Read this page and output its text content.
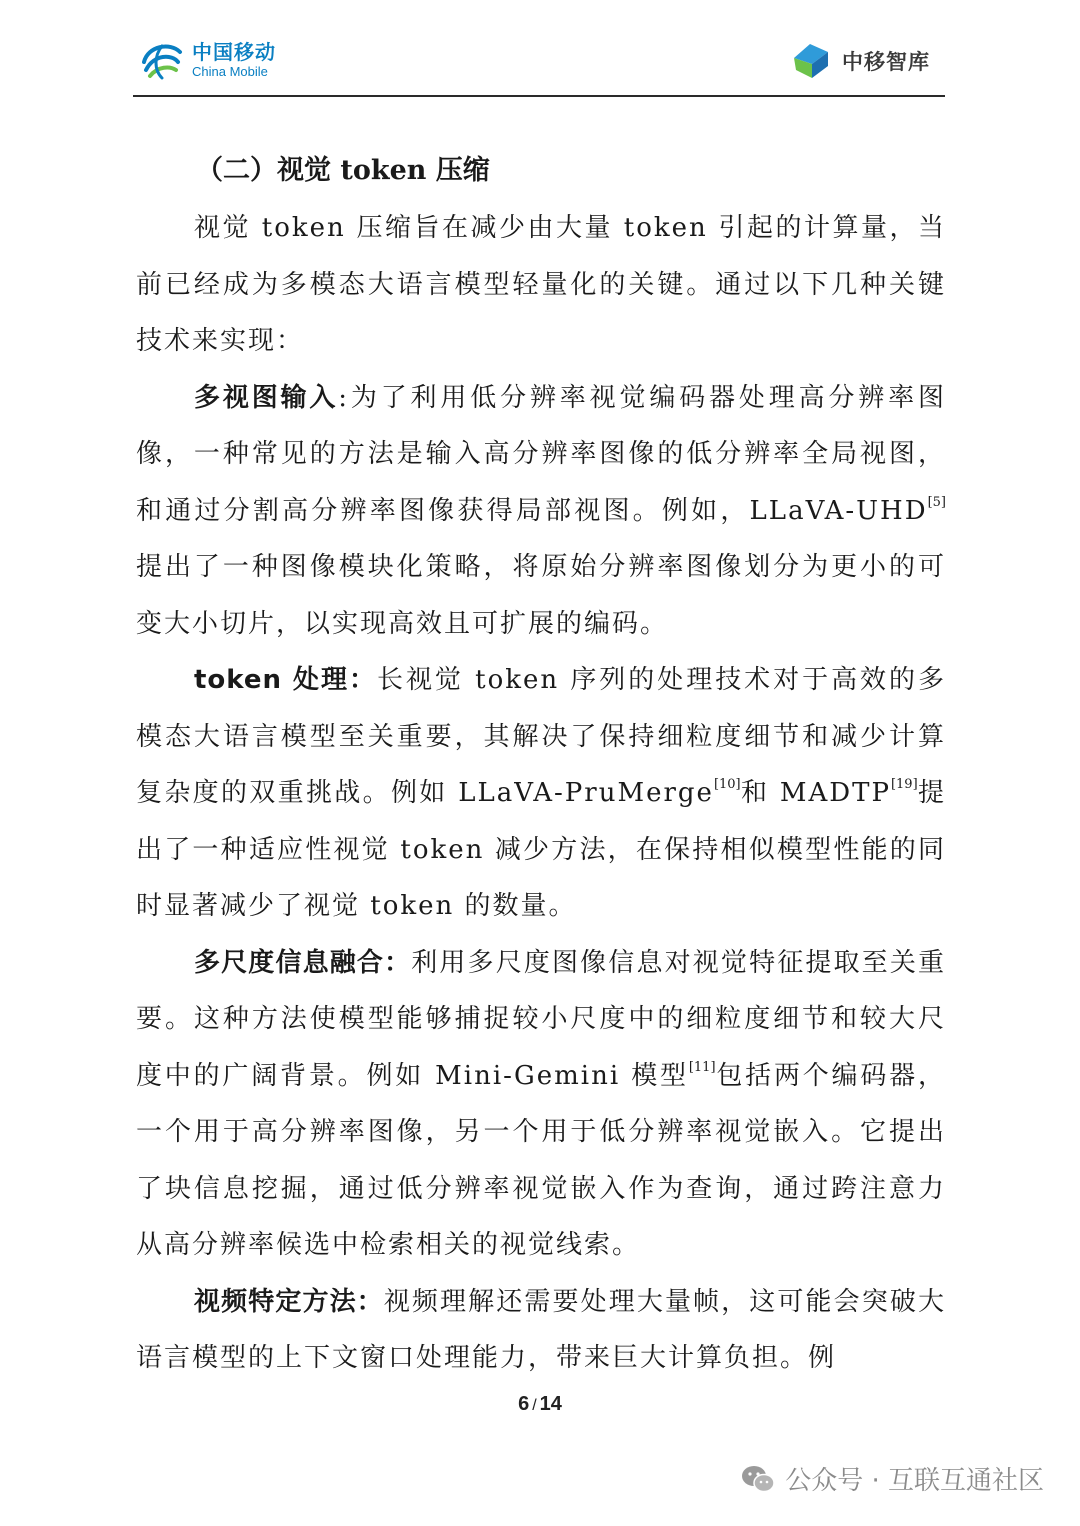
中国移动
China Mobile	中移智库
（二）视觉 token 压缩

视觉 token 压缩旨在减少由大量 token 引起的计算量，当前已经成为多模态大语言模型轻量化的关键。通过以下几种关键技术来实现：

多视图输入:为了利用低分辨率视觉编码器处理高分辨率图像，一种常见的方法是输入高分辨率图像的低分辨率全局视图，和通过分割高分辨率图像获得局部视图。例如，LLaVA-UHD[5]提出了一种图像模块化策略，将原始分辨率图像划分为更小的可变大小切片，以实现高效且可扩展的编码。

token 处理：长视觉 token 序列的处理技术对于高效的多模态大语言模型至关重要，其解决了保持细粒度细节和减少计算复杂度的双重挑战。例如 LLaVA-PruMerge[10]和 MADTP[19]提出了一种适应性视觉 token 减少方法，在保持相似模型性能的同时显著减少了视觉 token 的数量。

多尺度信息融合：利用多尺度图像信息对视觉特征提取至关重要。这种方法使模型能够捕捉较小尺度中的细粒度细节和较大尺度中的广阔背景。例如 Mini-Gemini 模型[11]包括两个编码器，一个用于高分辨率图像，另一个用于低分辨率视觉嵌入。它提出了块信息挖掘，通过低分辨率视觉嵌入作为查询，通过跨注意力从高分辨率候选中检索相关的视觉线索。

视频特定方法：视频理解还需要处理大量帧，这可能会突破大语言模型的上下文窗口处理能力，带来巨大计算负担。例

6 / 14
公众号 · 互联互通社区
